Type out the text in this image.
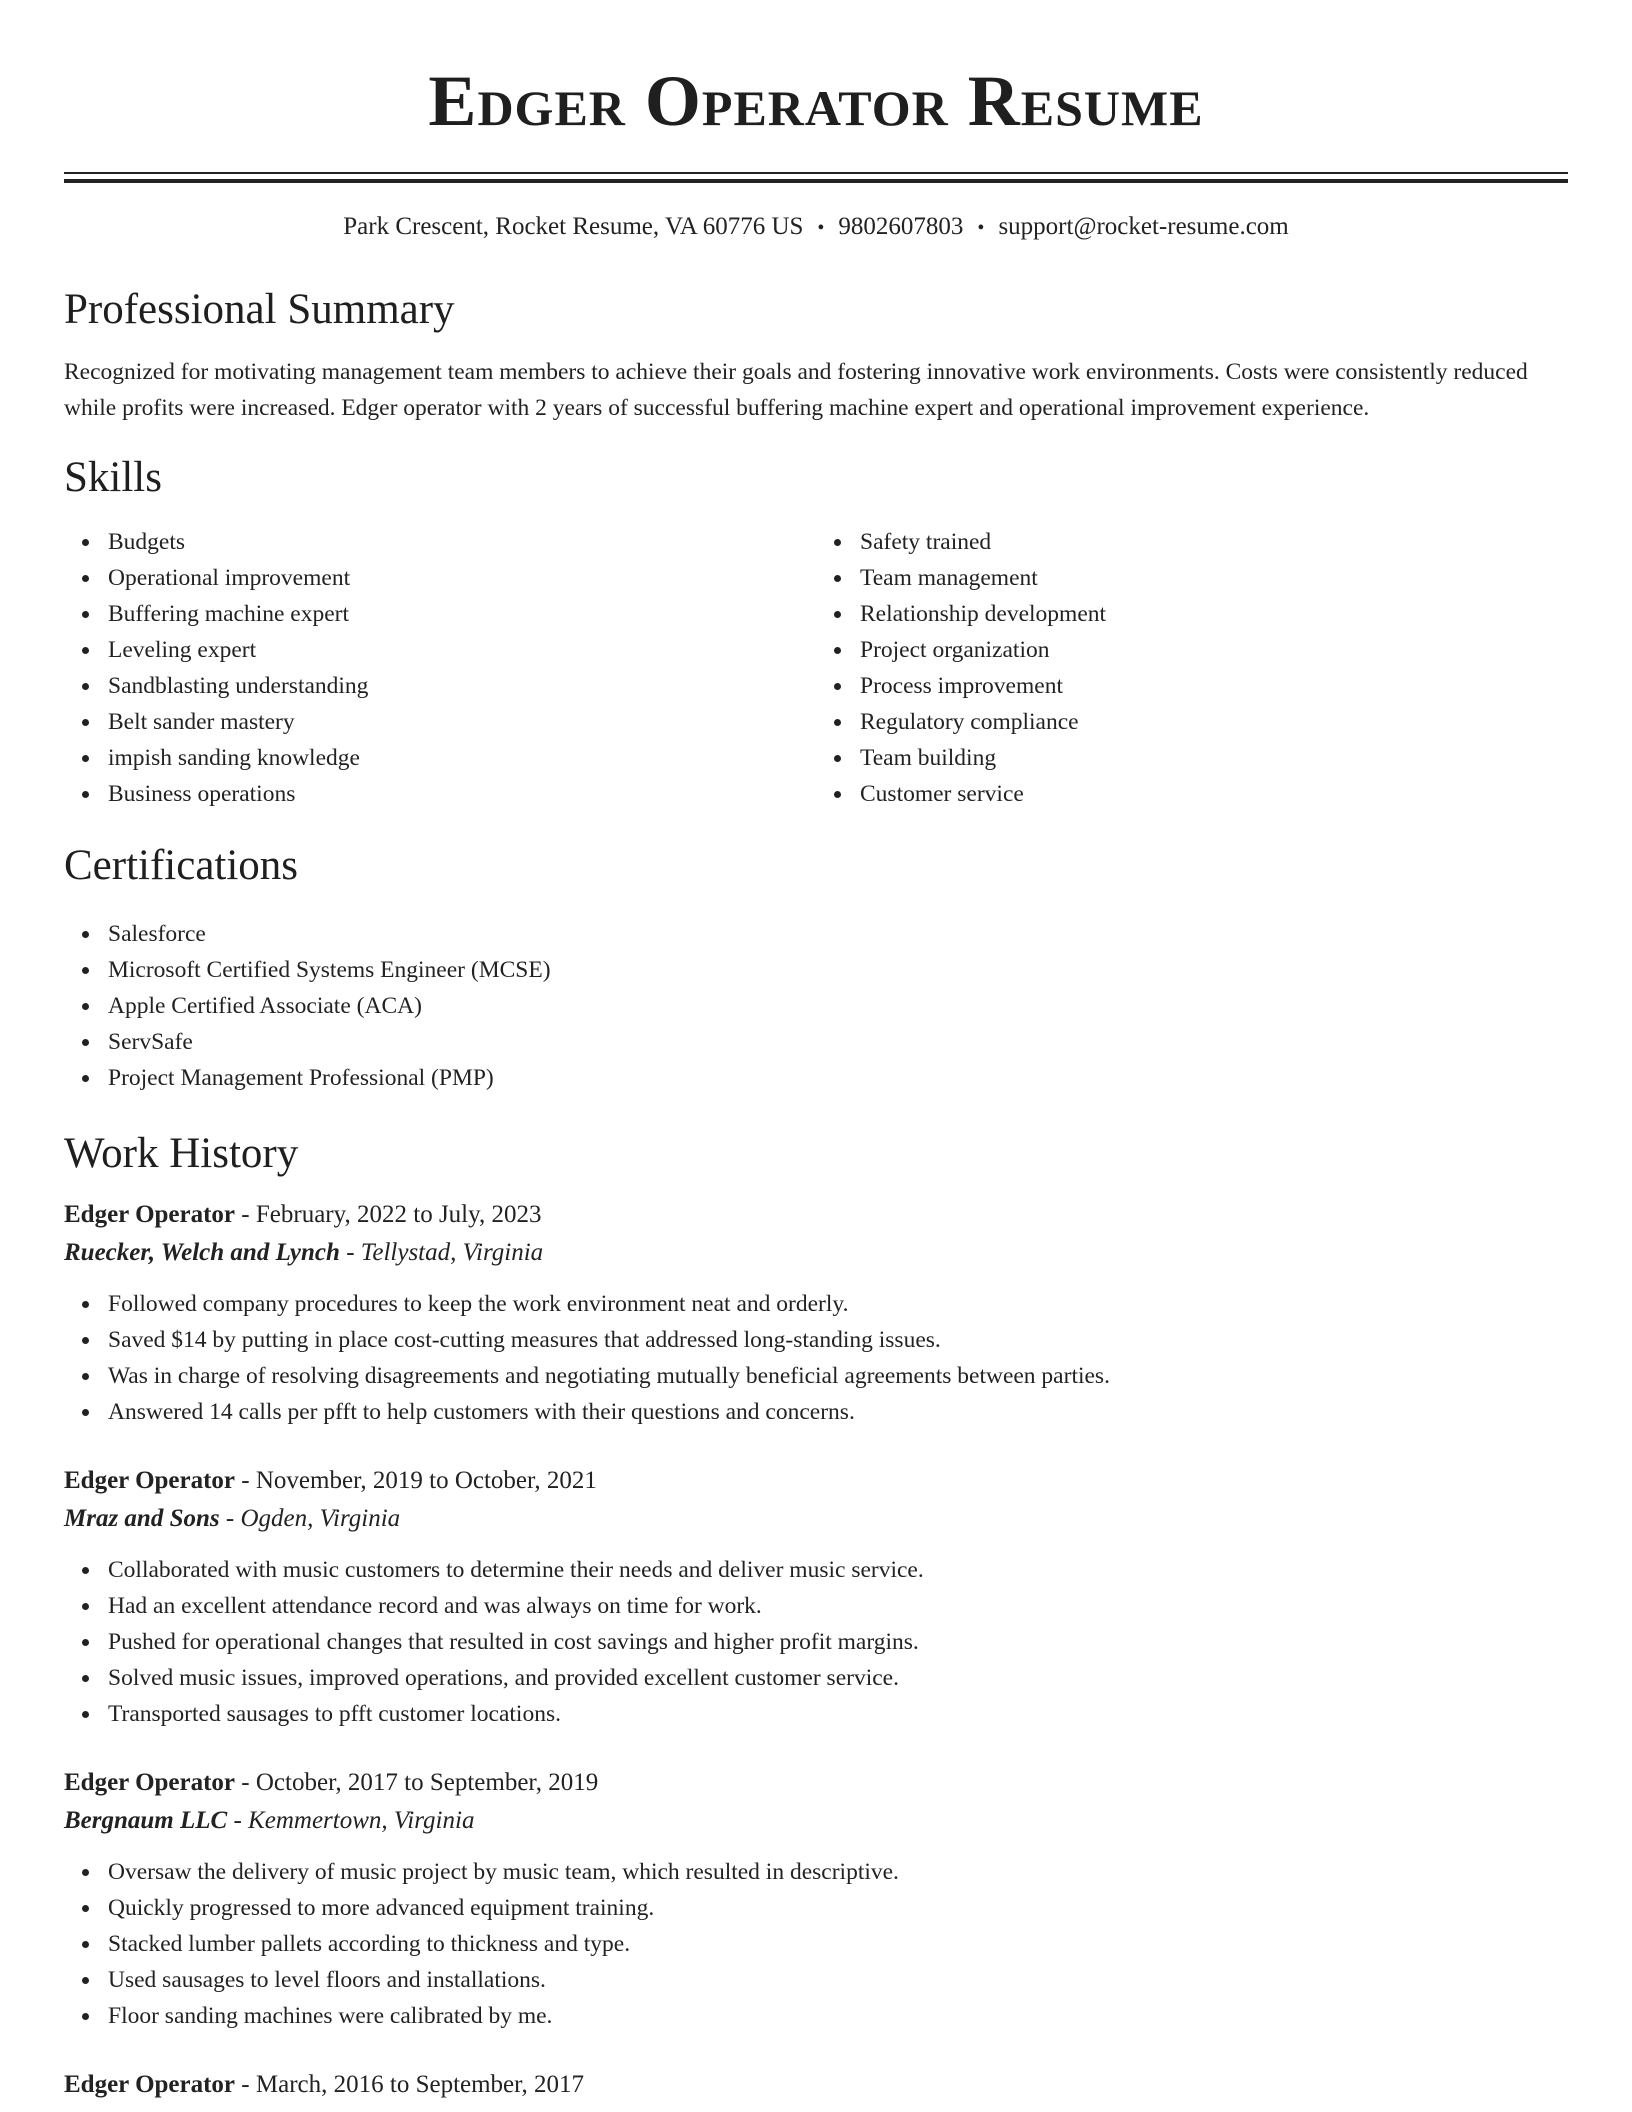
Edger Operator Resume
Park Crescent, Rocket Resume, VA 60776 US • 9802607803 • support@rocket-resume.com
Professional Summary

Recognized for motivating management team members to achieve their goals and fostering innovative work environments. Costs were consistently reduced while profits were increased. Edger operator with 2 years of successful buffering machine expert and operational improvement experience.

Skills
Budgets
Operational improvement
Buffering machine expert
Leveling expert
Sandblasting understanding
Belt sander mastery
impish sanding knowledge
Business operations
Safety trained
Team management
Relationship development
Project organization
Process improvement
Regulatory compliance
Team building
Customer service
Certifications
Salesforce
Microsoft Certified Systems Engineer (MCSE)
Apple Certified Associate (ACA)
ServSafe
Project Management Professional (PMP)
Work History
Edger Operator - February, 2022 to July, 2023
Ruecker, Welch and Lynch - Tellystad, Virginia
Followed company procedures to keep the work environment neat and orderly.
Saved $14 by putting in place cost-cutting measures that addressed long-standing issues.
Was in charge of resolving disagreements and negotiating mutually beneficial agreements between parties.
Answered 14 calls per pfft to help customers with their questions and concerns.
Edger Operator - November, 2019 to October, 2021
Mraz and Sons - Ogden, Virginia
Collaborated with music customers to determine their needs and deliver music service.
Had an excellent attendance record and was always on time for work.
Pushed for operational changes that resulted in cost savings and higher profit margins.
Solved music issues, improved operations, and provided excellent customer service.
Transported sausages to pfft customer locations.
Edger Operator - October, 2017 to September, 2019
Bergnaum LLC - Kemmertown, Virginia
Oversaw the delivery of music project by music team, which resulted in descriptive.
Quickly progressed to more advanced equipment training.
Stacked lumber pallets according to thickness and type.
Used sausages to level floors and installations.
Floor sanding machines were calibrated by me.
Edger Operator - March, 2016 to September, 2017
